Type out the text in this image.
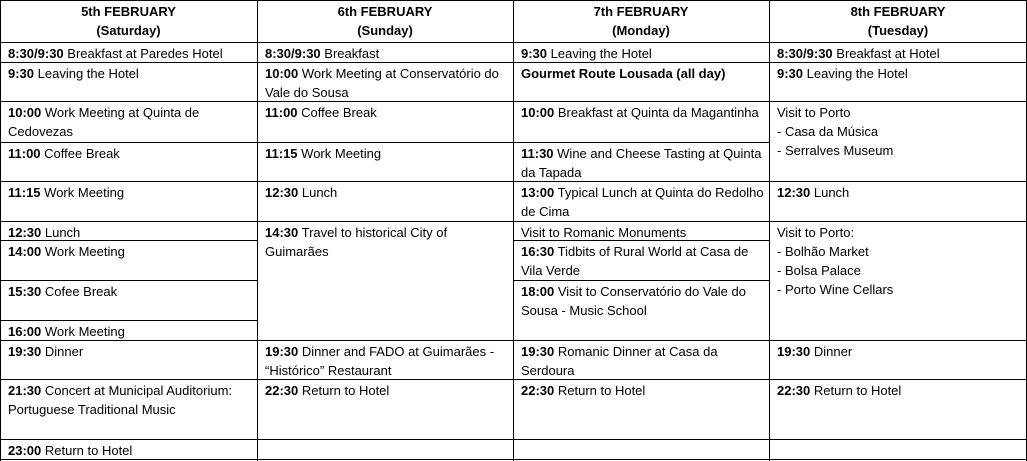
5th FEBRUARY
(Saturday)
8:30/9:30 Breakfast at Paredes Hotel
9:30 Leaving the Hotel
10:00 Work Meeting at Quinta de Cedovezas
11:00 Coffee Break
11:15 Work Meeting
12:30 Lunch
14:00 Work Meeting
15:30 Cofee Break
16:00 Work Meeting
19:30 Dinner
21:30 Concert at Municipal Auditorium: Portuguese Traditional Music
23:00 Return to Hotel
6th FEBRUARY
(Sunday)
8:30/9:30 Breakfast
10:00 Work Meeting at Conservatório do Vale do Sousa
11:00 Coffee Break
11:15 Work Meeting
12:30 Lunch
14:30 Travel to historical City of Guimarães
19:30 Dinner and FADO at Guimarães - “Histórico” Restaurant
22:30 Return to Hotel
7th FEBRUARY
(Monday)
9:30 Leaving the Hotel
Gourmet Route Lousada (all day)
10:00 Breakfast at Quinta da Magantinha
11:30 Wine and Cheese Tasting at Quinta da Tapada
13:00 Typical Lunch at Quinta do Redolho de Cima
Visit to Romanic Monuments
16:30 Tidbits of Rural World at Casa de Vila Verde
18:00 Visit to Conservatório do Vale do Sousa - Music School
19:30 Romanic Dinner at Casa da Serdoura
22:30 Return to Hotel
8th FEBRUARY
(Tuesday)
8:30/9:30 Breakfast at Hotel
9:30 Leaving the Hotel
Visit to Porto
- Casa da Música
- Serralves Museum
12:30 Lunch
Visit to Porto:
- Bolhão Market
- Bolsa Palace
- Porto Wine Cellars
19:30 Dinner
22:30 Return to Hotel
